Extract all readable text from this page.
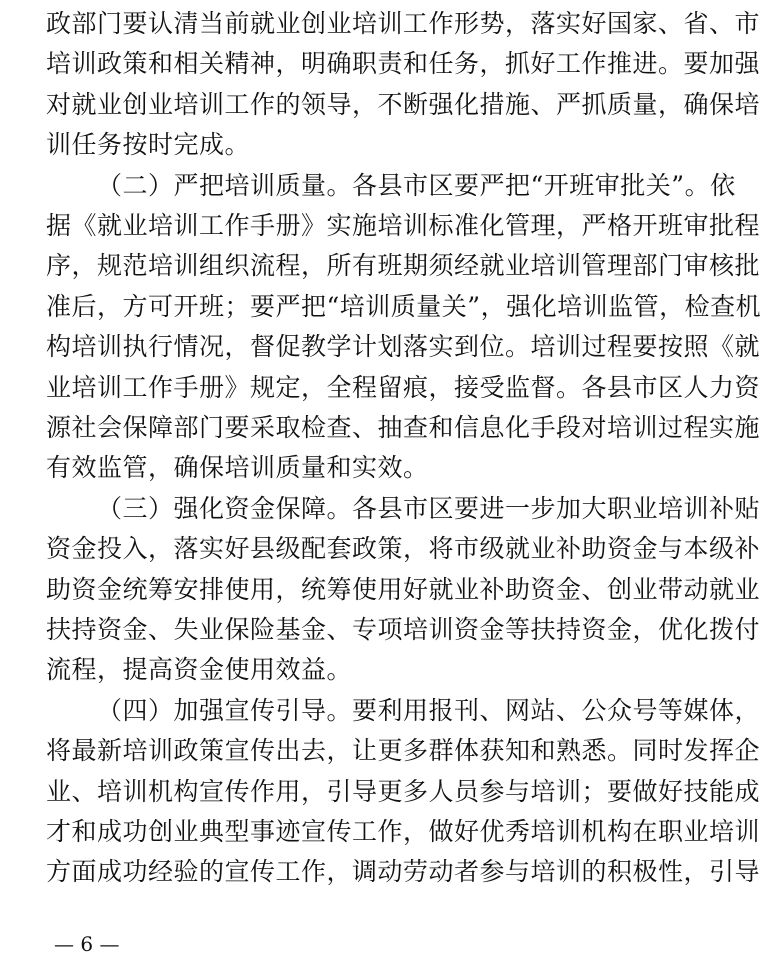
政部门要认清当前就业创业培训工作形势，落实好国家、省、市
培训政策和相关精神，明确职责和任务，抓好工作推进。要加强
对就业创业培训工作的领导，不断强化措施、严抓质量，确保培
训任务按时完成。
（二）严把培训质量。各县市区要严把“开班审批关”。依
据《就业培训工作手册》实施培训标准化管理，严格开班审批程
序，规范培训组织流程，所有班期须经就业培训管理部门审核批
准后，方可开班；要严把“培训质量关”，强化培训监管，检查机
构培训执行情况，督促教学计划落实到位。培训过程要按照《就
业培训工作手册》规定，全程留痕，接受监督。各县市区人力资
源社会保障部门要采取检查、抽查和信息化手段对培训过程实施
有效监管，确保培训质量和实效。
（三）强化资金保障。各县市区要进一步加大职业培训补贴
资金投入，落实好县级配套政策，将市级就业补助资金与本级补
助资金统筹安排使用，统筹使用好就业补助资金、创业带动就业
扶持资金、失业保险基金、专项培训资金等扶持资金，优化拨付
流程，提高资金使用效益。
（四）加强宣传引导。要利用报刊、网站、公众号等媒体，
将最新培训政策宣传出去，让更多群体获知和熟悉。同时发挥企
业、培训机构宣传作用，引导更多人员参与培训；要做好技能成
才和成功创业典型事迹宣传工作，做好优秀培训机构在职业培训
方面成功经验的宣传工作，调动劳动者参与培训的积极性，引导
— 6 —
